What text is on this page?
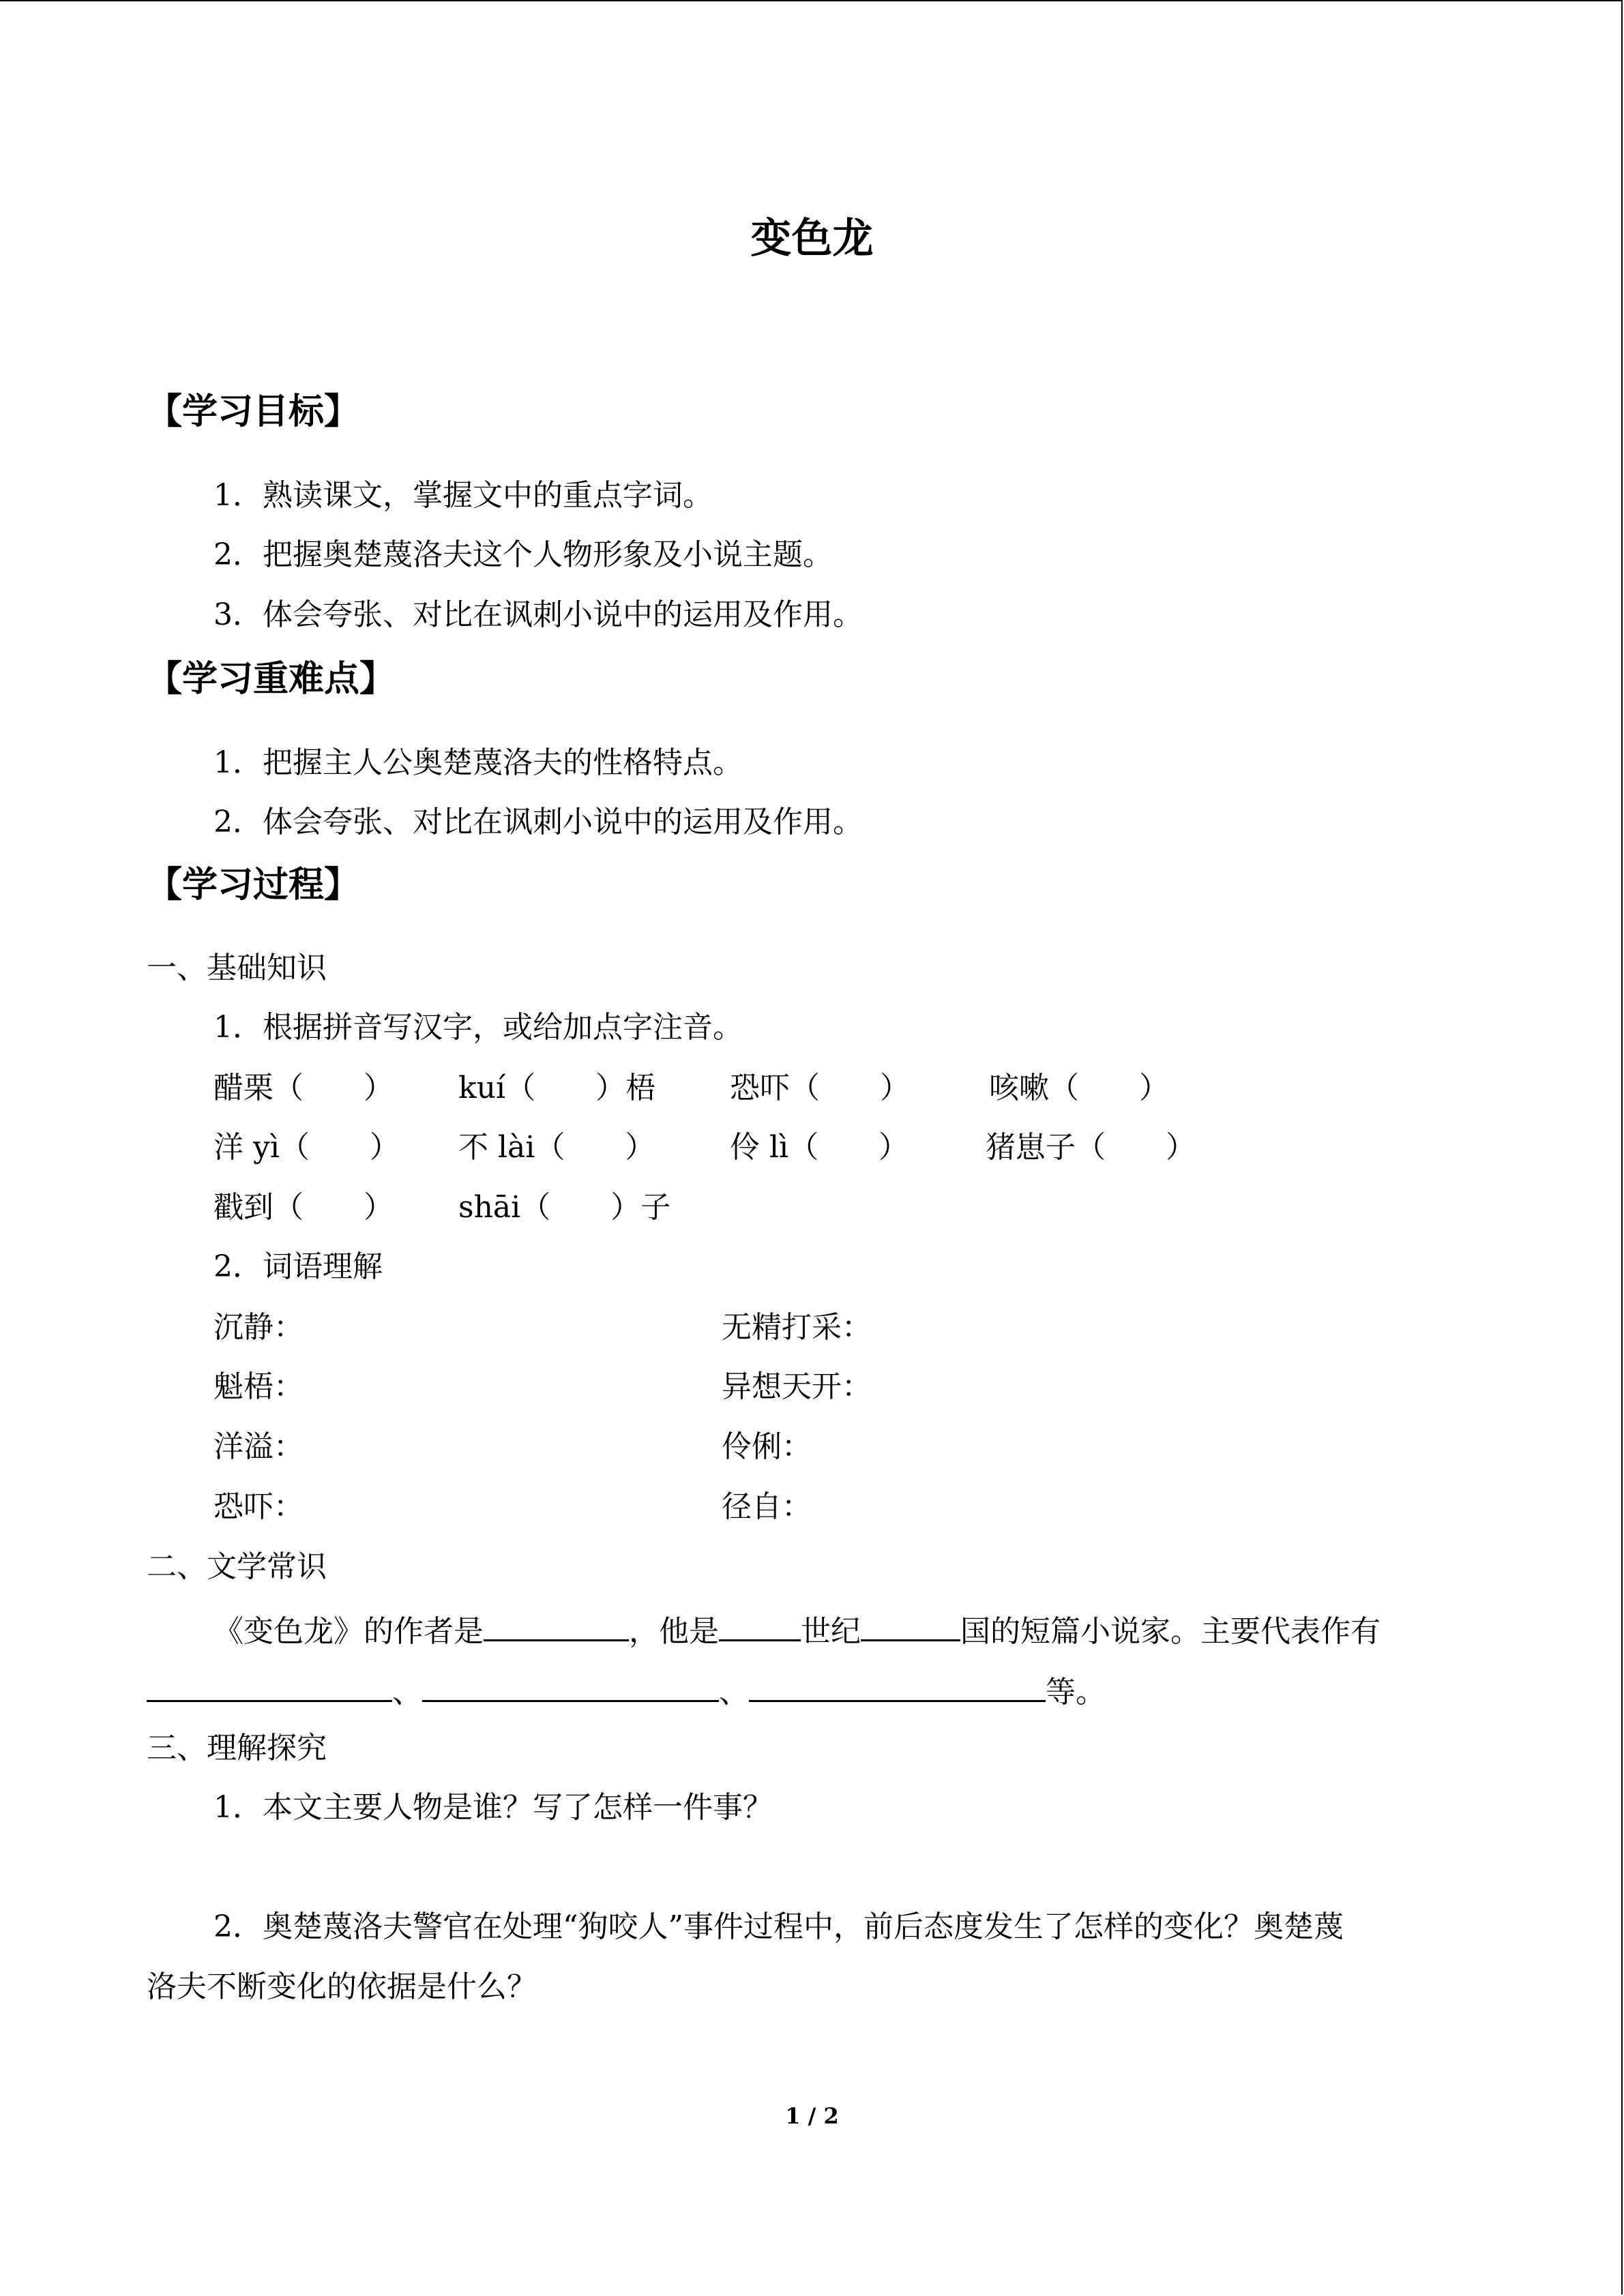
变色龙
【学习目标】
1．熟读课文，掌握文中的重点字词。
2．把握奥楚蔑洛夫这个人物形象及小说主题。
3．体会夸张、对比在讽刺小说中的运用及作用。
【学习重难点】
1．把握主人公奥楚蔑洛夫的性格特点。
2．体会夸张、对比在讽刺小说中的运用及作用。
【学习过程】
一、基础知识
1．根据拼音写汉字，或给加点字注音。
醋栗（　　） kuí（　　）梧 恐吓（　　）	咳嗽（　　）
洋 yì（　　） 不 lài（　　） 伶 lì（　　）	猪崽子（　　）
戳到（　　） shāi（　　）子
2．词语理解
沉静：	无精打采：
魁梧：	异想天开：
洋溢：	伶俐：
恐吓：	径自：
二、文学常识
《变色龙》的作者是	，他是	世纪	国的短篇小说家。主要代表作有
、	、	等。
三、理解探究
1．本文主要人物是谁？写了怎样一件事？
2．奥楚蔑洛夫警官在处理“狗咬人”事件过程中，前后态度发生了怎样的变化？奥楚蔑
洛夫不断变化的依据是什么？
1 / 2
